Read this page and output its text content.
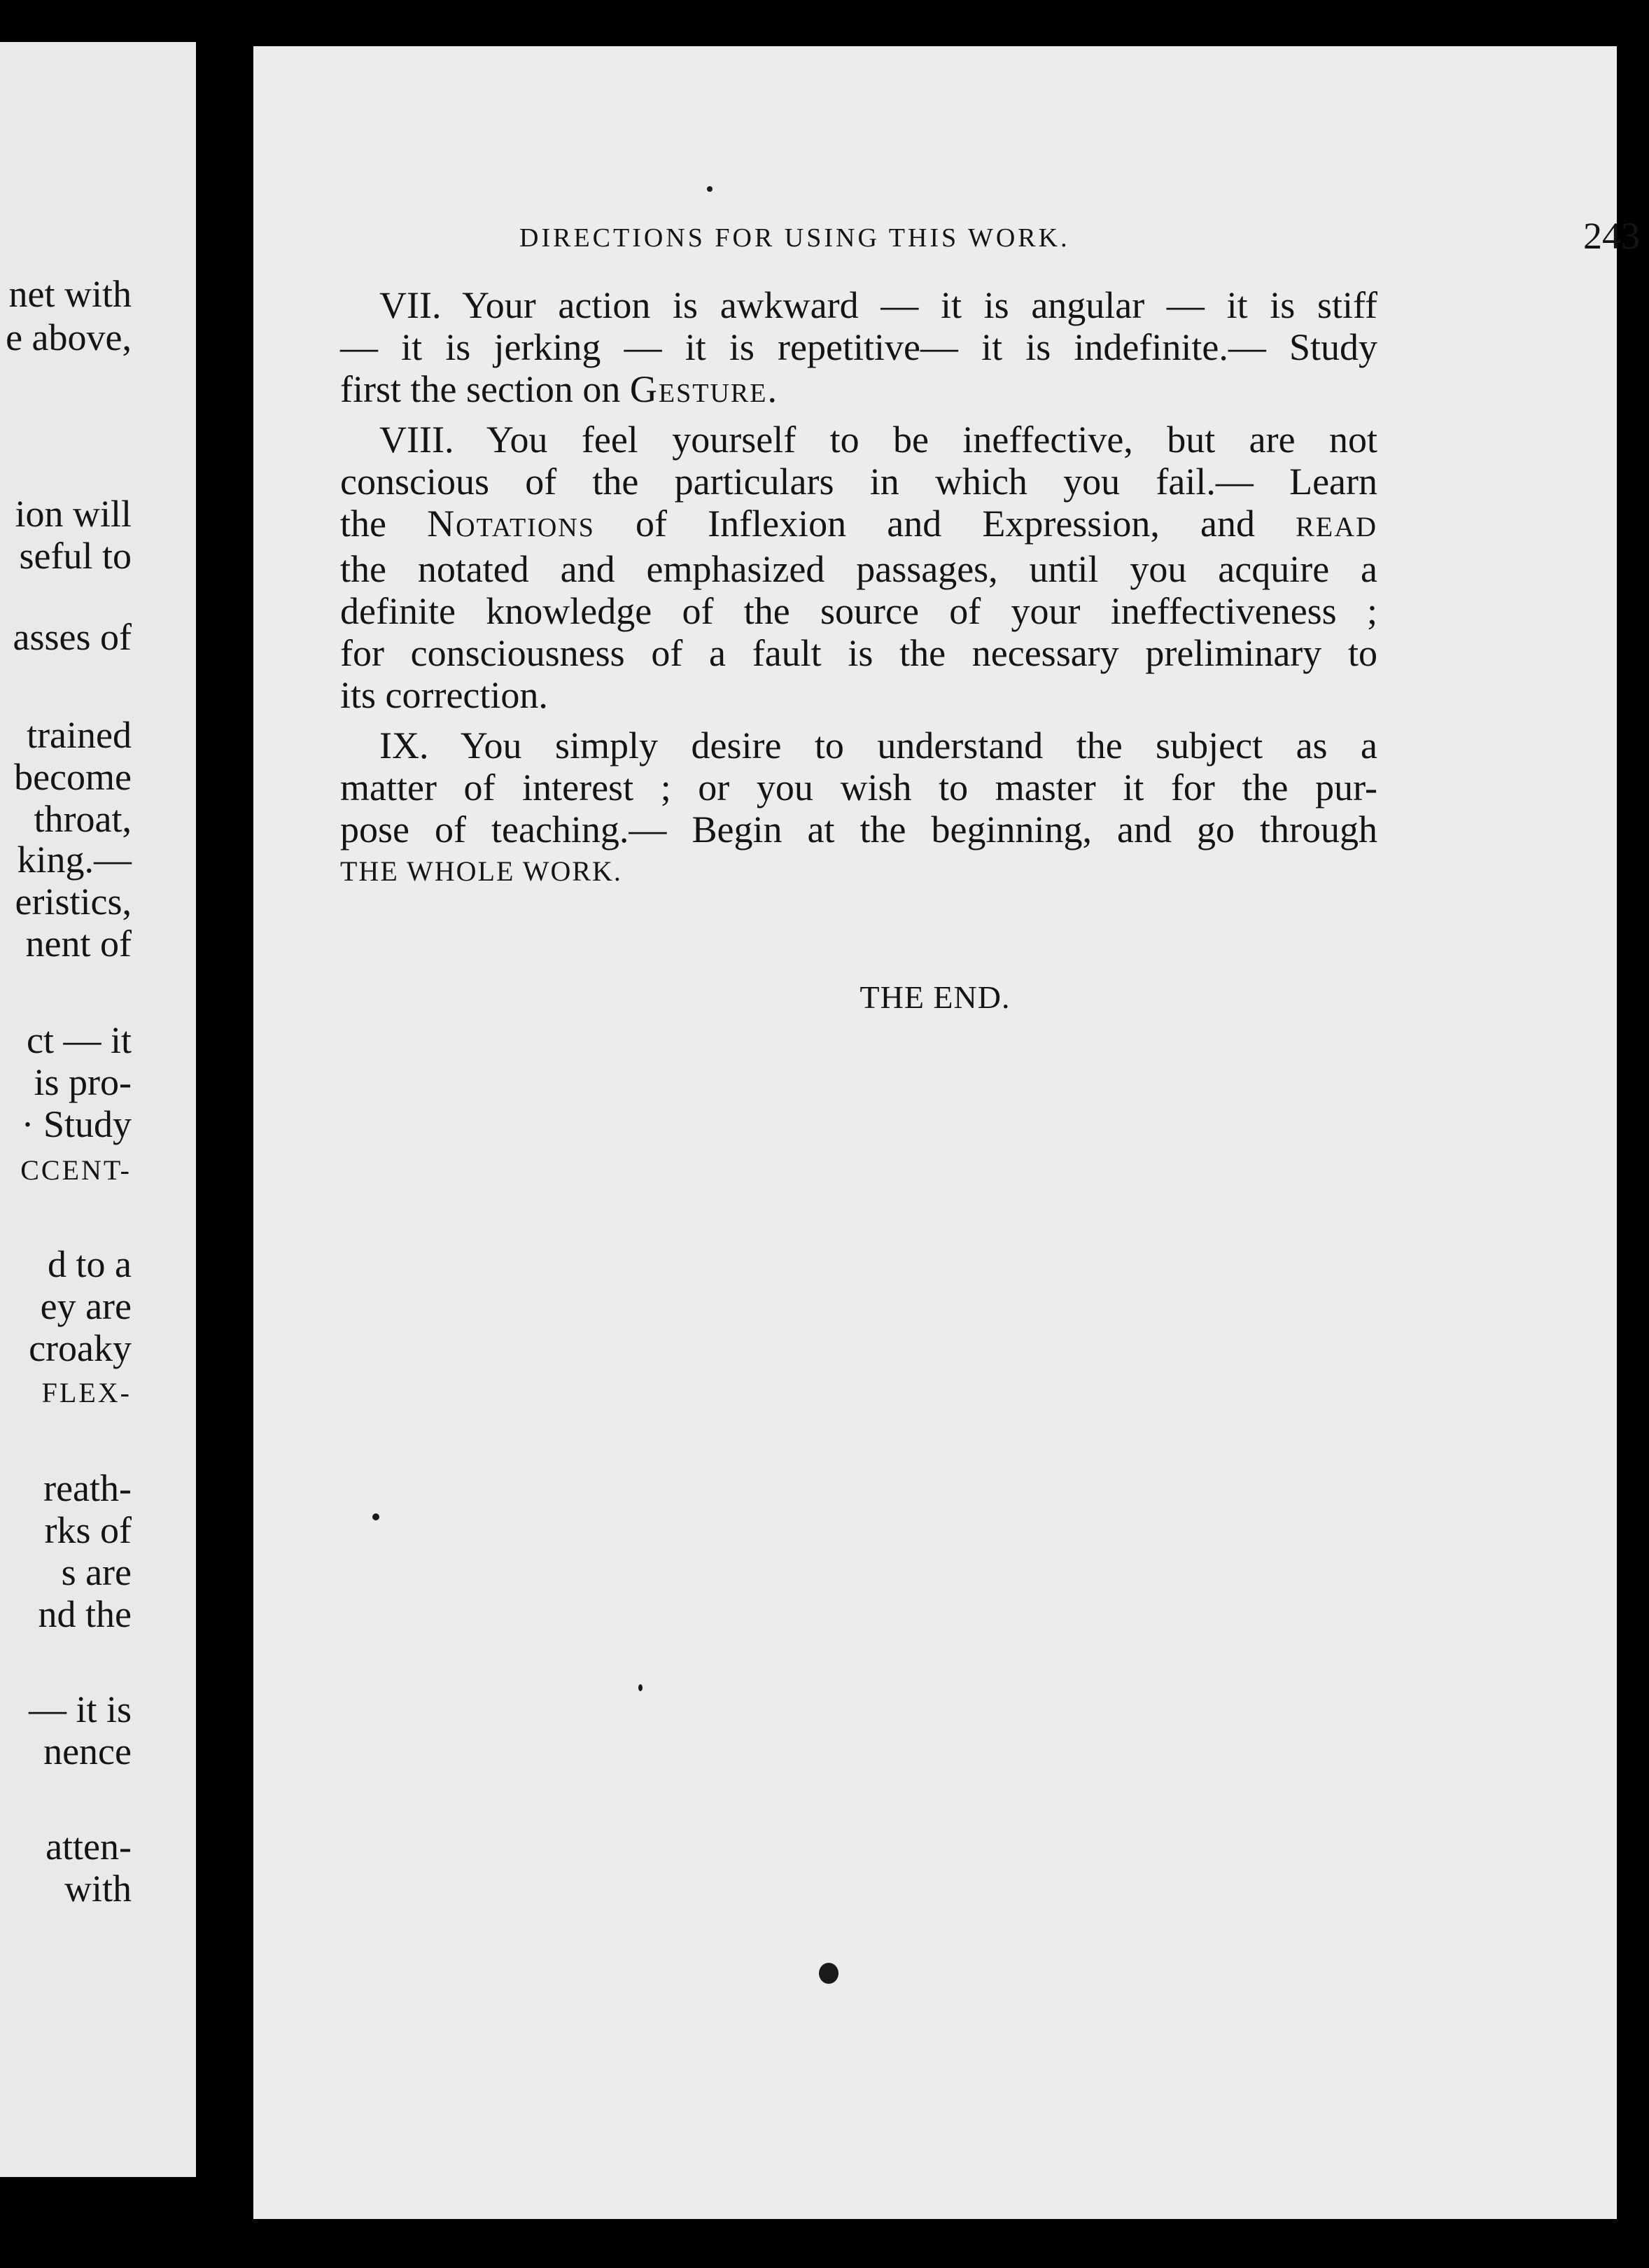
net with
e above,
ion will
seful to
asses of
trained
become
throat,
king.—
eristics,
nent of
ct — it
is pro-
· Study
CCENT-
d to a
ey are
croaky
FLEX-
reath-
rks of
s are
nd the
— it is
nence
atten-
with
DIRECTIONS FOR USING THIS WORK.	243
VII. Your action is awkward — it is angular — it is stiff
— it is jerking — it is repetitive— it is indefinite.— Study
first the section on Gesture.
VIII. You feel yourself to be ineffective, but are not
conscious of the particulars in which you fail.— Learn
the Notations of Inflexion and Expression, and READ
the notated and emphasized passages, until you acquire a
definite knowledge of the source of your ineffectiveness ;
for consciousness of a fault is the necessary preliminary to
its correction.
IX. You simply desire to understand the subject as a
matter of interest ; or you wish to master it for the pur-
pose of teaching.— Begin at the beginning, and go through
THE WHOLE WORK.
THE END.
